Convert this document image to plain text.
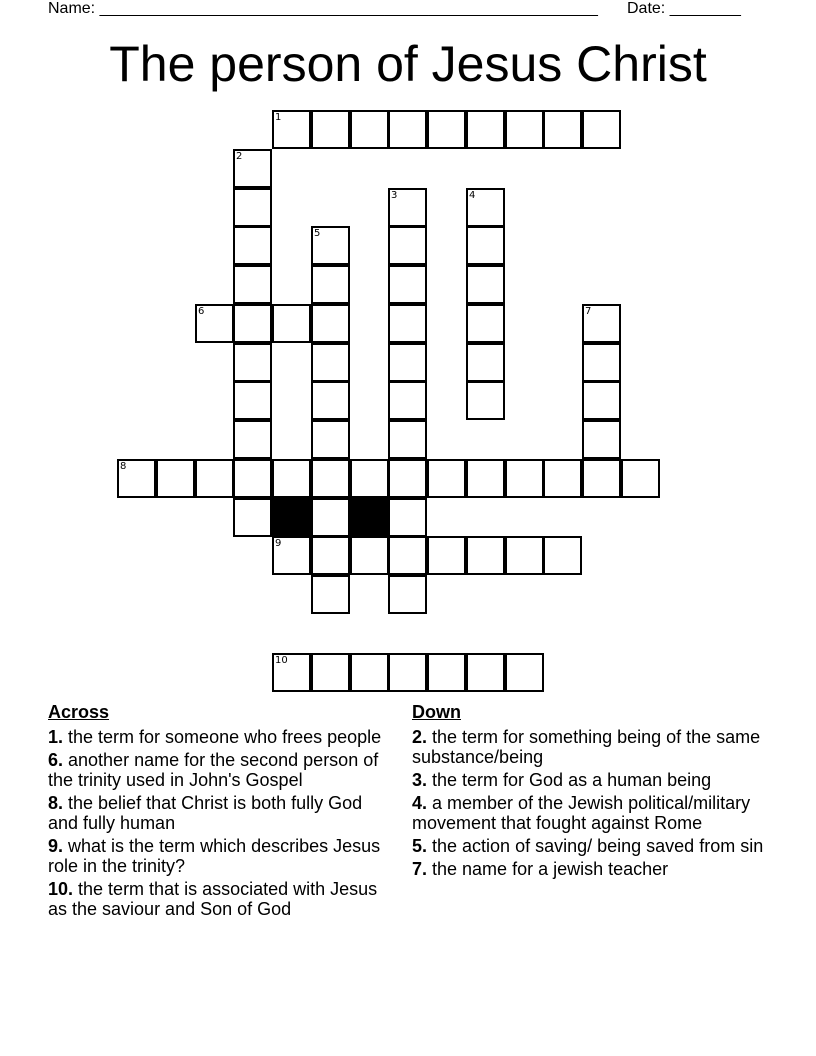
Name: ________________________________________________________ Date: ________
The person of Jesus Christ
1
2
3	4
5
6	7
8
9
10
Across
1. the term for someone who frees people
6. another name for the second person of the trinity used in John's Gospel
8. the belief that Christ is both fully God and fully human
9. what is the term which describes Jesus role in the trinity?
10. the term that is associated with Jesus as the saviour and Son of God
Down
2. the term for something being of the same substance/being
3. the term for God as a human being
4. a member of the Jewish political/military movement that fought against Rome
5. the action of saving/ being saved from sin
7. the name for a jewish teacher
